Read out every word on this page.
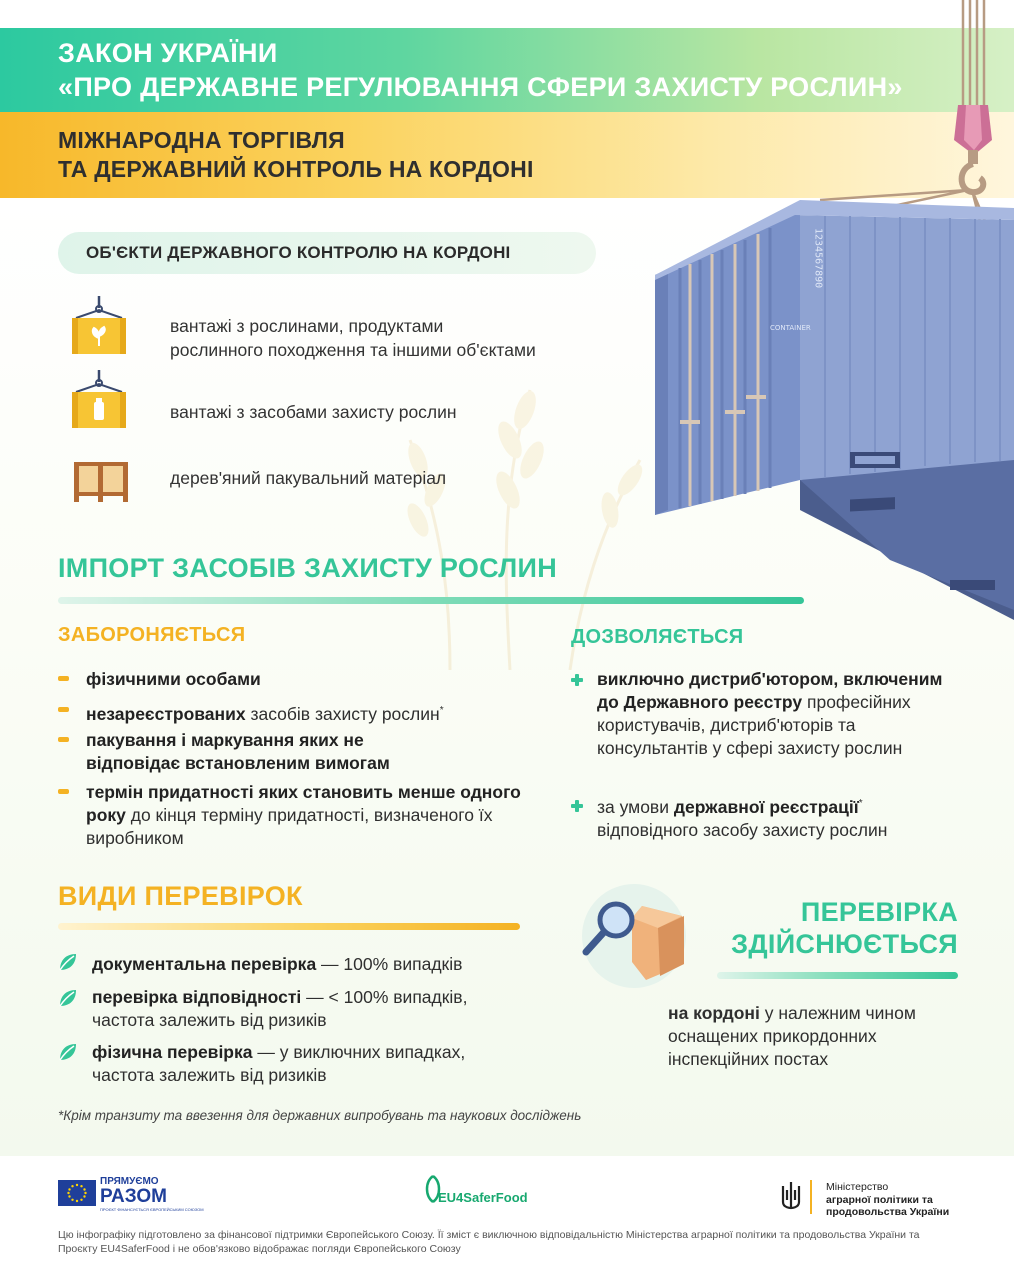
ЗАКОН УКРАЇНИ
«ПРО ДЕРЖАВНЕ РЕГУЛЮВАННЯ СФЕРИ ЗАХИСТУ РОСЛИН»
МІЖНАРОДНА ТОРГІВЛЯ
ТА ДЕРЖАВНИЙ КОНТРОЛЬ НА КОРДОНІ
1234567890
CONTAINER
ОБ'ЄКТИ ДЕРЖАВНОГО КОНТРОЛЮ НА КОРДОНІ
вантажі з рослинами, продуктами
рослинного походження та іншими об'єктами
вантажі з засобами захисту рослин
дерев'яний пакувальний матеріал
ІМПОРТ ЗАСОБІВ ЗАХИСТУ РОСЛИН
ЗАБОРОНЯЄТЬСЯ
фізичними особами
незареєстрованих засобів захисту рослин*
пакування і маркування яких не відповідає встановленим вимогам
термін придатності яких становить менше одного року до кінця терміну придатності, визначеного їх виробником
ДОЗВОЛЯЄТЬСЯ
виключно дистриб'ютором, включеним до Державного реєстру професійних користувачів, дистриб'юторів та консультантів у сфері захисту рослин
за умови державної реєстрації*
відповідного засобу захисту рослин
ВИДИ ПЕРЕВІРОК
документальна перевірка — 100% випадків
перевірка відповідності — < 100% випадків,
частота залежить від ризиків
фізична перевірка — у виключних випадках,
частота залежить від ризиків
ПЕРЕВІРКА
ЗДІЙСНЮЄТЬСЯ
на кордоні у належним чином оснащених прикордонних інспекційних постах
*Крім транзиту та ввезення для державних випробувань та наукових досліджень
ПРЯМУЄМО
РАЗОМ
ПРОЄКТ ФІНАНСУЄТЬСЯ ЄВРОПЕЙСЬКИМ СОЮЗОМ
EU4SaferFood
Міністерство
аграрної політики та
продовольства України
Цю інфографіку підготовлено за фінансової підтримки Європейського Союзу. Її зміст є виключною відповідальністю Міністерства аграрної політики та продовольства України та Проєкту EU4SaferFood і не обов'язково відображає погляди Європейського Союзу
